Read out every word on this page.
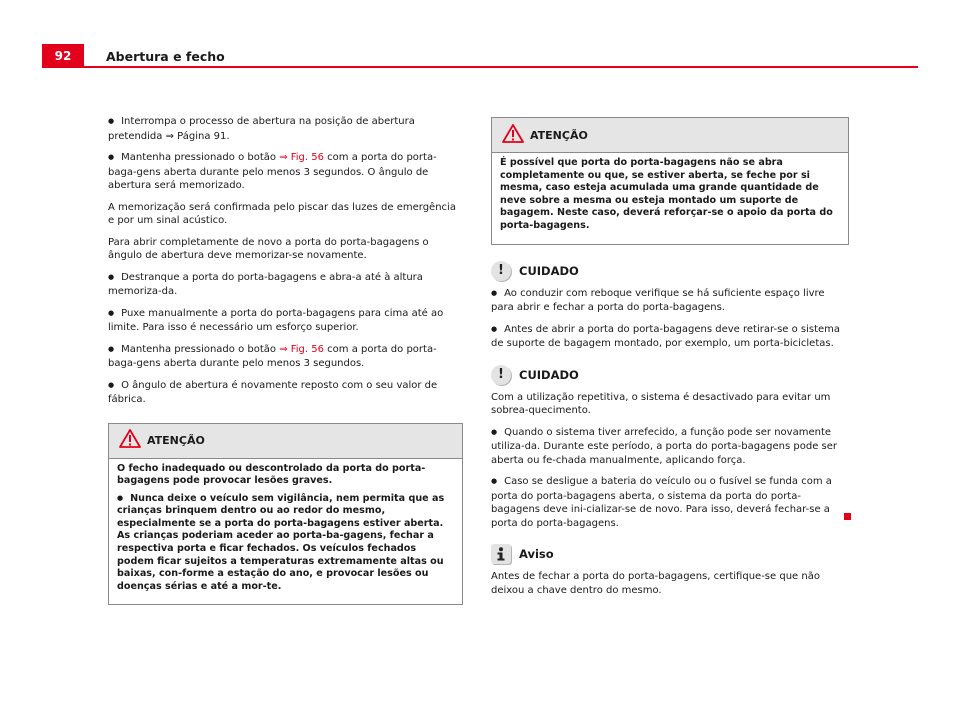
92	Abertura e fecho

● Interrompa o processo de abertura na posição de abertura pretendida ⇒ Página 91.

● Mantenha pressionado o botão ⇒ Fig. 56 com a porta do porta-baga-gens aberta durante pelo menos 3 segundos. O ângulo de abertura será memorizado.

A memorização será confirmada pelo piscar das luzes de emergência e por um sinal acústico.

Para abrir completamente de novo a porta do porta-bagagens o ângulo de abertura deve memorizar-se novamente.

● Destranque a porta do porta-bagagens e abra-a até à altura memoriza-da.

● Puxe manualmente a porta do porta-bagagens para cima até ao limite. Para isso é necessário um esforço superior.

● Mantenha pressionado o botão ⇒ Fig. 56 com a porta do porta-baga-gens aberta durante pelo menos 3 segundos.

● O ângulo de abertura é novamente reposto com o seu valor de fábrica.

ATENÇÃO

O fecho inadequado ou descontrolado da porta do porta-bagagens pode provocar lesões graves.

● Nunca deixe o veículo sem vigilância, nem permita que as crianças brinquem dentro ou ao redor do mesmo, especialmente se a porta do porta-bagagens estiver aberta. As crianças poderiam aceder ao porta-ba-gagens, fechar a respectiva porta e ficar fechados. Os veículos fechados podem ficar sujeitos a temperaturas extremamente altas ou baixas, con-forme a estação do ano, e provocar lesões ou doenças sérias e até a mor-te.

ATENÇÃO

É possível que porta do porta-bagagens não se abra completamente ou que, se estiver aberta, se feche por si mesma, caso esteja acumulada uma grande quantidade de neve sobre a mesma ou esteja montado um suporte de bagagem. Neste caso, deverá reforçar-se o apoio da porta do porta-bagagens.

!	CUIDADO

● Ao conduzir com reboque verifique se há suficiente espaço livre para abrir e fechar a porta do porta-bagagens.

● Antes de abrir a porta do porta-bagagens deve retirar-se o sistema de suporte de bagagem montado, por exemplo, um porta-bicicletas.

!	CUIDADO

Com a utilização repetitiva, o sistema é desactivado para evitar um sobrea-quecimento.

● Quando o sistema tiver arrefecido, a função pode ser novamente utiliza-da. Durante este período, a porta do porta-bagagens pode ser aberta ou fe-chada manualmente, aplicando força.

● Caso se desligue a bateria do veículo ou o fusível se funda com a porta do porta-bagagens aberta, o sistema da porta do porta-bagagens deve ini-cializar-se de novo. Para isso, deverá fechar-se a porta do porta-bagagens.

Aviso

Antes de fechar a porta do porta-bagagens, certifique-se que não deixou a chave dentro do mesmo.
